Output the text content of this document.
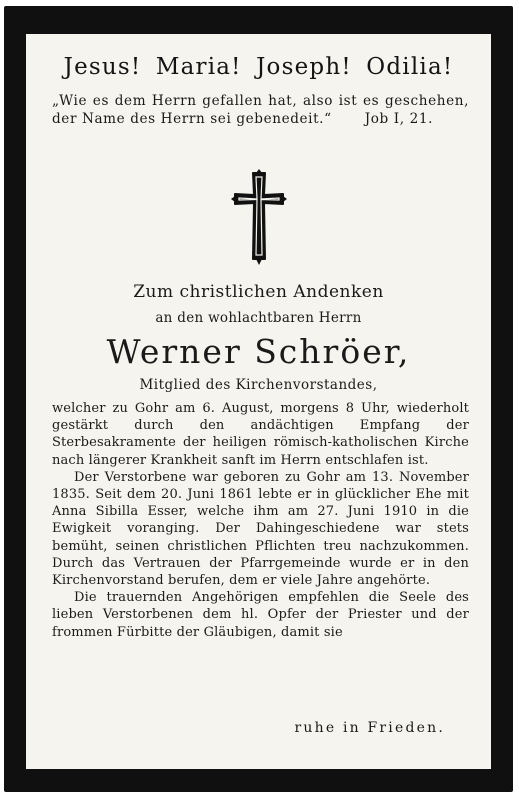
Jesus! Maria! Joseph! Odilia!
„Wie es dem Herrn gefallen hat, also ist es geschehen, der Name des Herrn sei gebenedeit.“ Job I, 21.
Zum christlichen Andenken
an den wohlachtbaren Herrn
Werner Schröer,
Mitglied des Kirchenvorstandes,

welcher zu Gohr am 6. August, morgens 8 Uhr, wiederholt gestärkt durch den andächtigen Empfang der Sterbesakramente der heiligen römisch-katholischen Kirche nach längerer Krankheit sanft im Herrn entschlafen ist.

Der Verstorbene war geboren zu Gohr am 13. November 1835. Seit dem 20. Juni 1861 lebte er in glücklicher Ehe mit Anna Sibilla Esser, welche ihm am 27. Juni 1910 in die Ewigkeit voranging. Der Dahingeschiedene war stets bemüht, seinen christlichen Pflichten treu nachzukommen. Durch das Vertrauen der Pfarrgemeinde wurde er in den Kirchenvorstand berufen, dem er viele Jahre angehörte.

Die trauernden Angehörigen empfehlen die Seele des lieben Verstorbenen dem hl. Opfer der Priester und der frommen Fürbitte der Gläubigen, damit sie

ruhe in Frieden.
